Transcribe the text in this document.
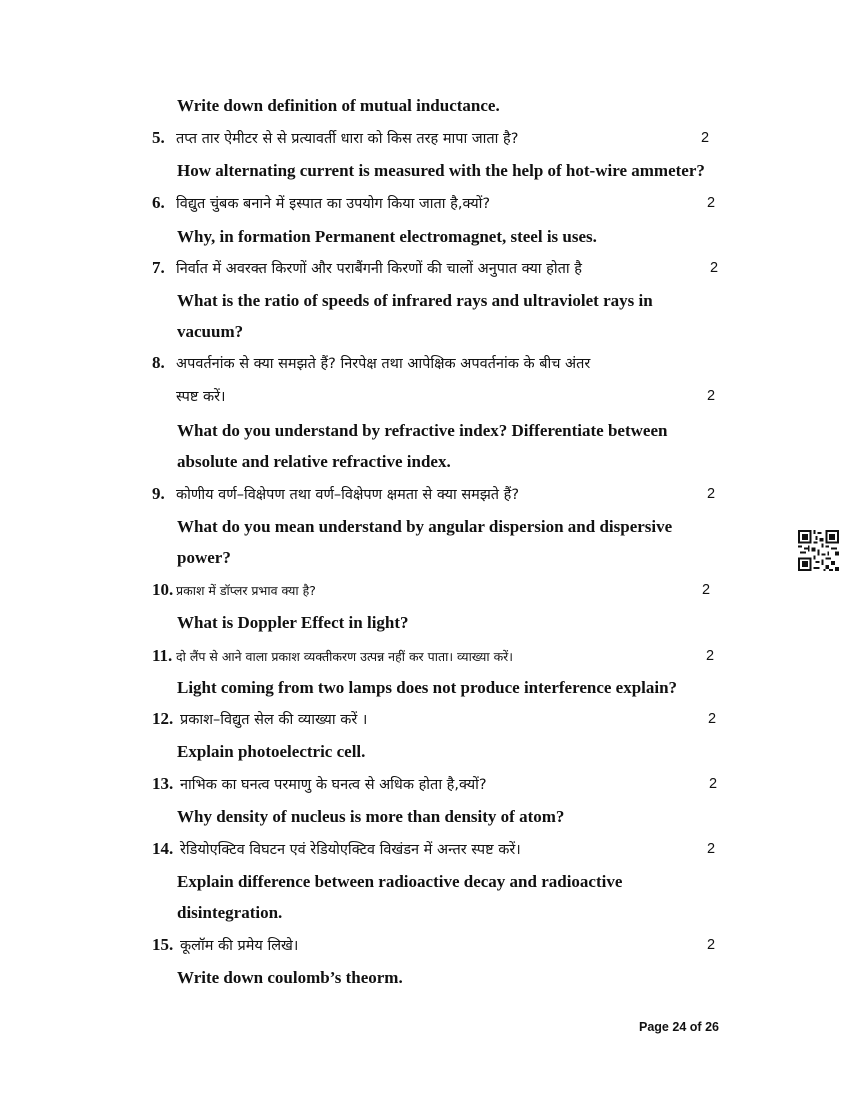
Write down definition of mutual inductance.
5. तप्त तार ऐमीटर से से प्रत्यावर्ती धारा को किस तरह मापा जाता है?	2
How alternating current is measured with the help of hot-wire ammeter?
6. विद्युत चुंबक बनाने में इस्पात का उपयोग किया जाता है,क्यों?	2
Why, in formation Permanent electromagnet, steel is uses.
7. निर्वात में अवरक्त किरणों और पराबैंगनी किरणों की चालों अनुपात क्या होता है	2
What is the ratio of speeds of infrared rays and ultraviolet rays in
vacuum?
8. अपवर्तनांक से क्या समझते हैं? निरपेक्ष तथा आपेक्षिक अपवर्तनांक के बीच अंतर
स्पष्ट करें।	2
What do you understand by refractive index? Differentiate between
absolute and relative refractive index.
9. कोणीय वर्ण–विक्षेपण तथा वर्ण–विक्षेपण क्षमता से क्या समझते हैं?	2
What do you mean understand by angular dispersion and dispersive
power?
10. प्रकाश में डॉप्लर प्रभाव क्या है?	2
What is Doppler Effect in light?
11. दो लैंप से आने वाला प्रकाश व्यक्तीकरण उत्पन्न नहीं कर पाता। व्याख्या करें।	2
Light coming from two lamps does not produce interference explain?
12. प्रकाश–विद्युत सेल की व्याख्या करें ।	2
Explain photoelectric cell.
13. नाभिक का घनत्व परमाणु के घनत्व से अधिक होता है,क्यों?	2
Why density of nucleus is more than density of atom?
14. रेडियोएक्टिव विघटन एवं रेडियोएक्टिव विखंडन में अन्तर स्पष्ट करें।	2
Explain difference between radioactive decay and radioactive
disintegration.
15. कूलॉम की प्रमेय लिखे।	2
Write down coulomb’s theorm.
Page 24 of 26
